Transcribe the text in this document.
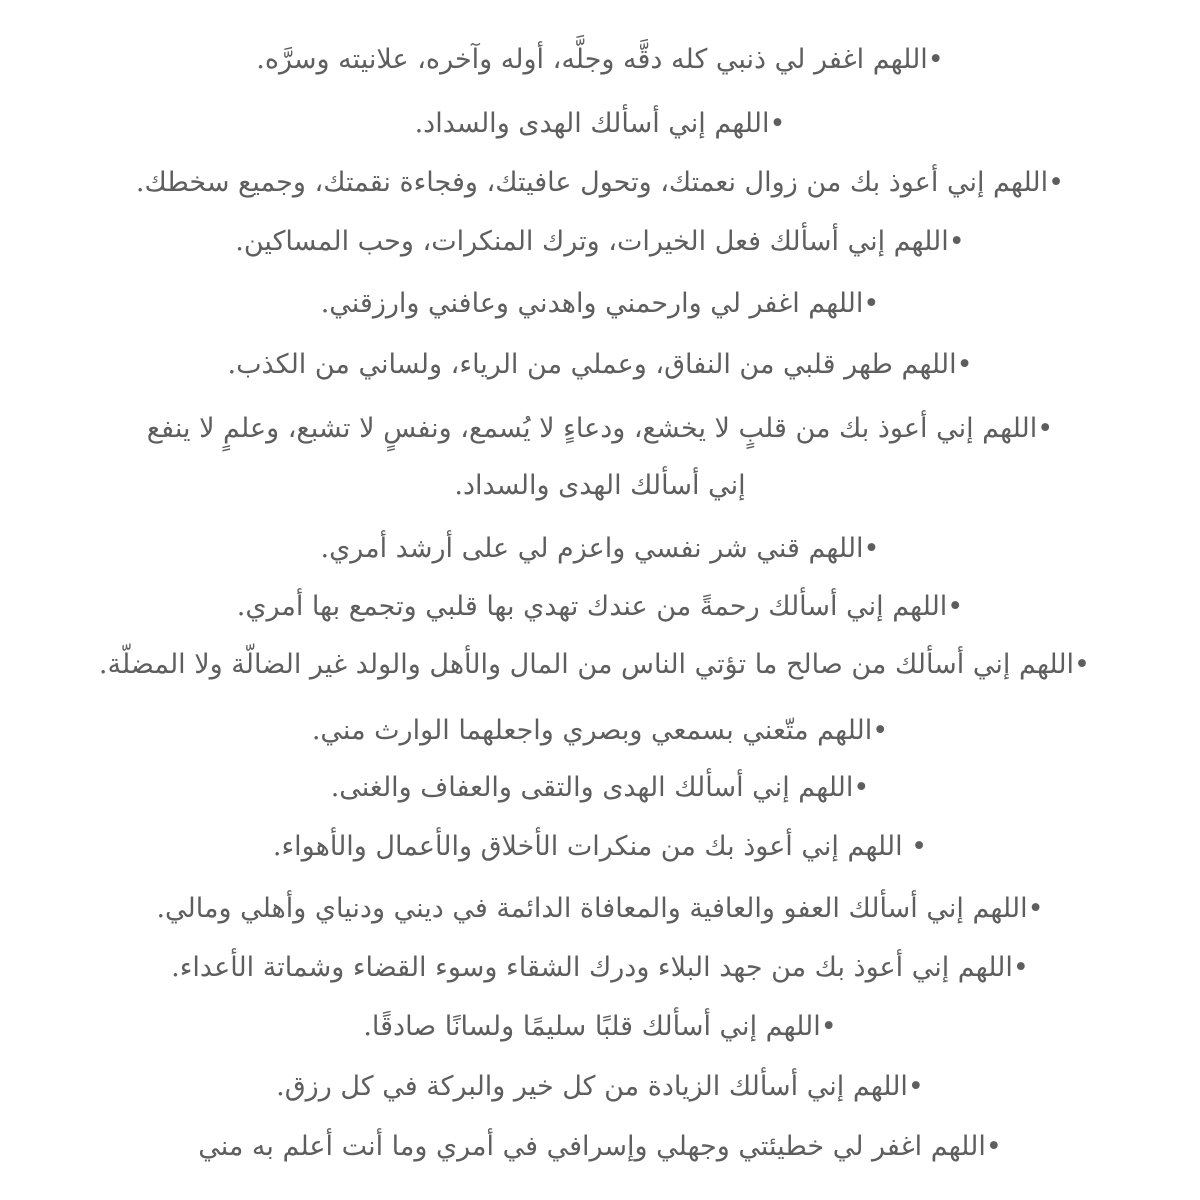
•اللهم اغفر لي ذنبي كله دقَّه وجلَّه، أوله وآخره، علانيته وسرَّه.
•اللهم إني أسألك الهدى والسداد.
•اللهم إني أعوذ بك من زوال نعمتك، وتحول عافيتك، وفجاءة نقمتك، وجميع سخطك.
•اللهم إني أسألك فعل الخيرات، وترك المنكرات، وحب المساكين.
•اللهم اغفر لي وارحمني واهدني وعافني وارزقني.
•اللهم طهر قلبي من النفاق، وعملي من الرياء، ولساني من الكذب.
•اللهم إني أعوذ بك من قلبٍ لا يخشع، ودعاءٍ لا يُسمع، ونفسٍ لا تشبع، وعلمٍ لا ينفع
إني أسألك الهدى والسداد.
•اللهم قني شر نفسي واعزم لي على أرشد أمري.
•اللهم إني أسألك رحمةً من عندك تهدي بها قلبي وتجمع بها أمري.
•اللهم إني أسألك من صالح ما تؤتي الناس من المال والأهل والولد غير الضالّة ولا المضلّة.
•اللهم متّعني بسمعي وبصري واجعلهما الوارث مني.
•اللهم إني أسألك الهدى والتقى والعفاف والغنى.
• اللهم إني أعوذ بك من منكرات الأخلاق والأعمال والأهواء.
•اللهم إني أسألك العفو والعافية والمعافاة الدائمة في ديني ودنياي وأهلي ومالي.
•اللهم إني أعوذ بك من جهد البلاء ودرك الشقاء وسوء القضاء وشماتة الأعداء.
•اللهم إني أسألك قلبًا سليمًا ولسانًا صادقًا.
•اللهم إني أسألك الزيادة من كل خير والبركة في كل رزق.
•اللهم اغفر لي خطيئتي وجهلي وإسرافي في أمري وما أنت أعلم به مني
